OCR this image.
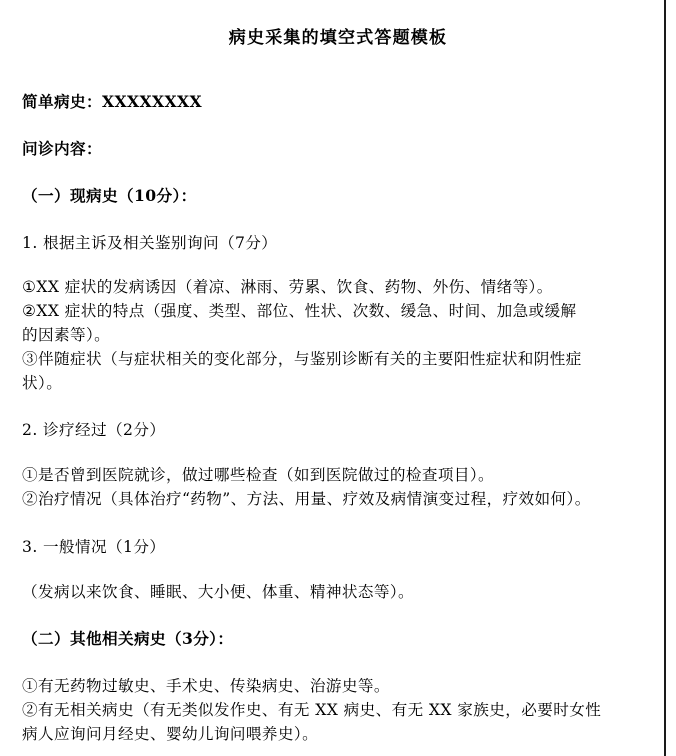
病史采集的填空式答题模板
简单病史：XXXXXXXX
问诊内容：
（一）现病史（10分）：
1. 根据主诉及相关鉴别询问（7分）
①XX 症状的发病诱因（着凉、淋雨、劳累、饮食、药物、外伤、情绪等）。
②XX 症状的特点（强度、类型、部位、性状、次数、缓急、时间、加急或缓解
的因素等）。
③伴随症状（与症状相关的变化部分，与鉴别诊断有关的主要阳性症状和阴性症
状）。
2. 诊疗经过（2分）
①是否曾到医院就诊，做过哪些检查（如到医院做过的检查项目）。
②治疗情况（具体治疗“药物”、方法、用量、疗效及病情演变过程，疗效如何）。
3. 一般情况（1分）
（发病以来饮食、睡眠、大小便、体重、精神状态等）。
（二）其他相关病史（3分）：
①有无药物过敏史、手术史、传染病史、治游史等。
②有无相关病史（有无类似发作史、有无 XX 病史、有无 XX 家族史，必要时女性
病人应询问月经史、婴幼儿询问喂养史）。
